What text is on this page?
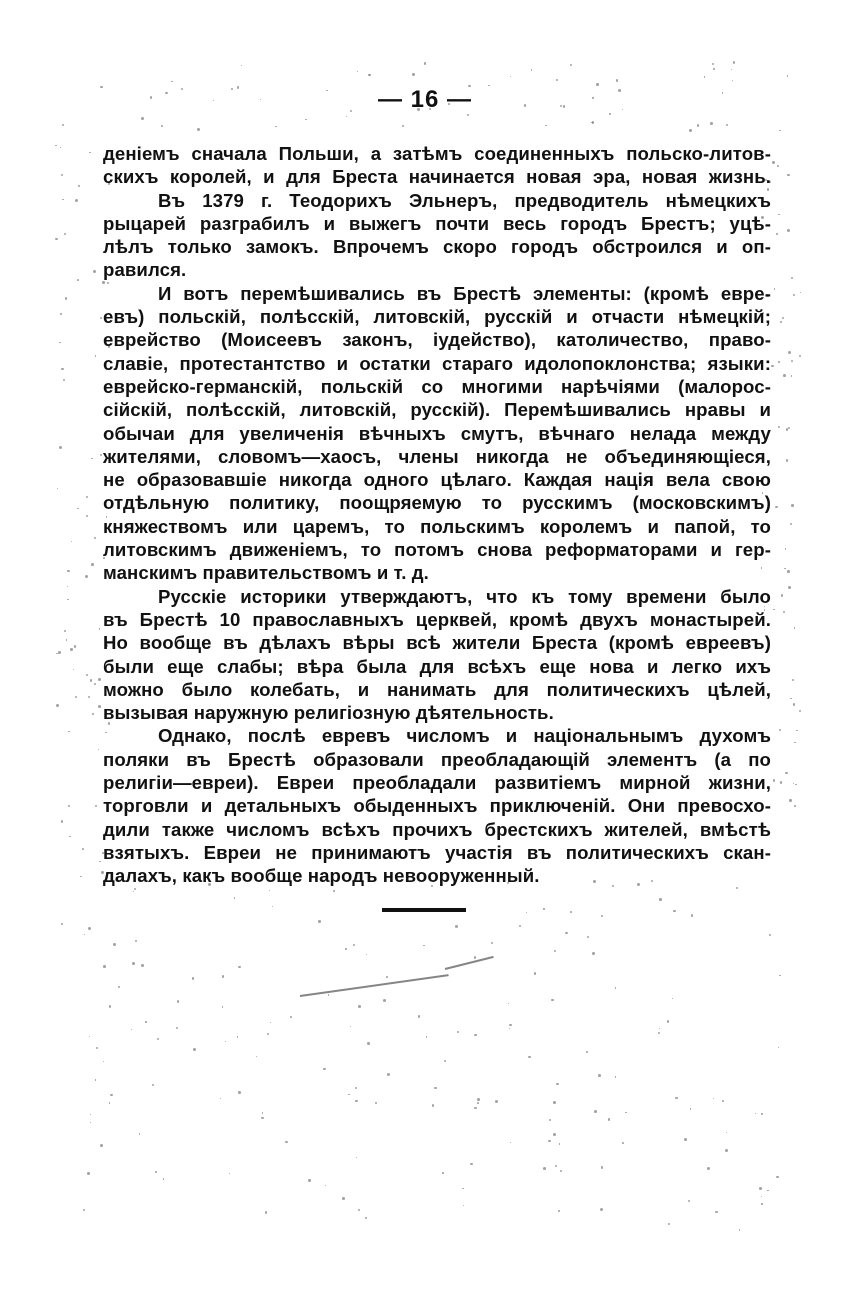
— 16 —
денiемъ сначала Польши, а затѣмъ соединенныхъ польско-литов-
скихъ королей, и для Бреста начинается новая эра, новая жизнь.
Въ 1379 г. Теодорихъ Эльнеръ, предводитель нѣмецкихъ
рыцарей разграбилъ и выжегъ почти весь городъ Брестъ; уцѣ-
лѣлъ только замокъ. Впрочемъ скоро городъ обстроился и оп-
равился.
И вотъ перемѣшивались въ Брестѣ элементы: (кромѣ евре-
евъ) польскiй, полѣсскiй, литовскiй, русскiй и отчасти нѣмецкiй;
еврейство (Моисеевъ законъ, iудейство), католичество, право-
славiе, протестантство и остатки стараго идолопоклонства; языки:
еврейско-германскiй, польскiй со многими нарѣчiями (малорос-
сiйскiй, полѣсскiй, литовскiй, русскiй). Перемѣшивались нравы и
обычаи для увеличенiя вѣчныхъ смутъ, вѣчнаго нелада между
жителями, словомъ—хаосъ, члены никогда не объединяющiеся,
не образовавшiе никогда одного цѣлаго. Каждая нацiя вела свою
отдѣльную политику, поощряемую то русскимъ (московскимъ)
княжествомъ или царемъ, то польскимъ королемъ и папой, то
литовскимъ движенiемъ, то потомъ снова реформаторами и гер-
манскимъ правительствомъ и т. д.
Русскiе историки утверждаютъ, что къ тому времени было
въ Брестѣ 10 православныхъ церквей, кромѣ двухъ монастырей.
Но вообще въ дѣлахъ вѣры всѣ жители Бреста (кромѣ евреевъ)
были еще слабы; вѣра была для всѣхъ еще нова и легко ихъ
можно было колебать, и нанимать для политическихъ цѣлей,
вызывая наружную религiозную дѣятельность.
Однако, послѣ евревъ числомъ и нацiональнымъ духомъ
поляки въ Брестѣ образовали преобладающiй элементъ (а по
религiи—евреи). Евреи преобладали развитiемъ мирной жизни,
торговли и детальныхъ обыденныхъ приключенiй. Они превосхо-
дили также числомъ всѣхъ прочихъ брестскихъ жителей, вмѣстѣ
взятыхъ. Евреи не принимаютъ участiя въ политическихъ скан-
далахъ, какъ вообще народъ невооруженный.
